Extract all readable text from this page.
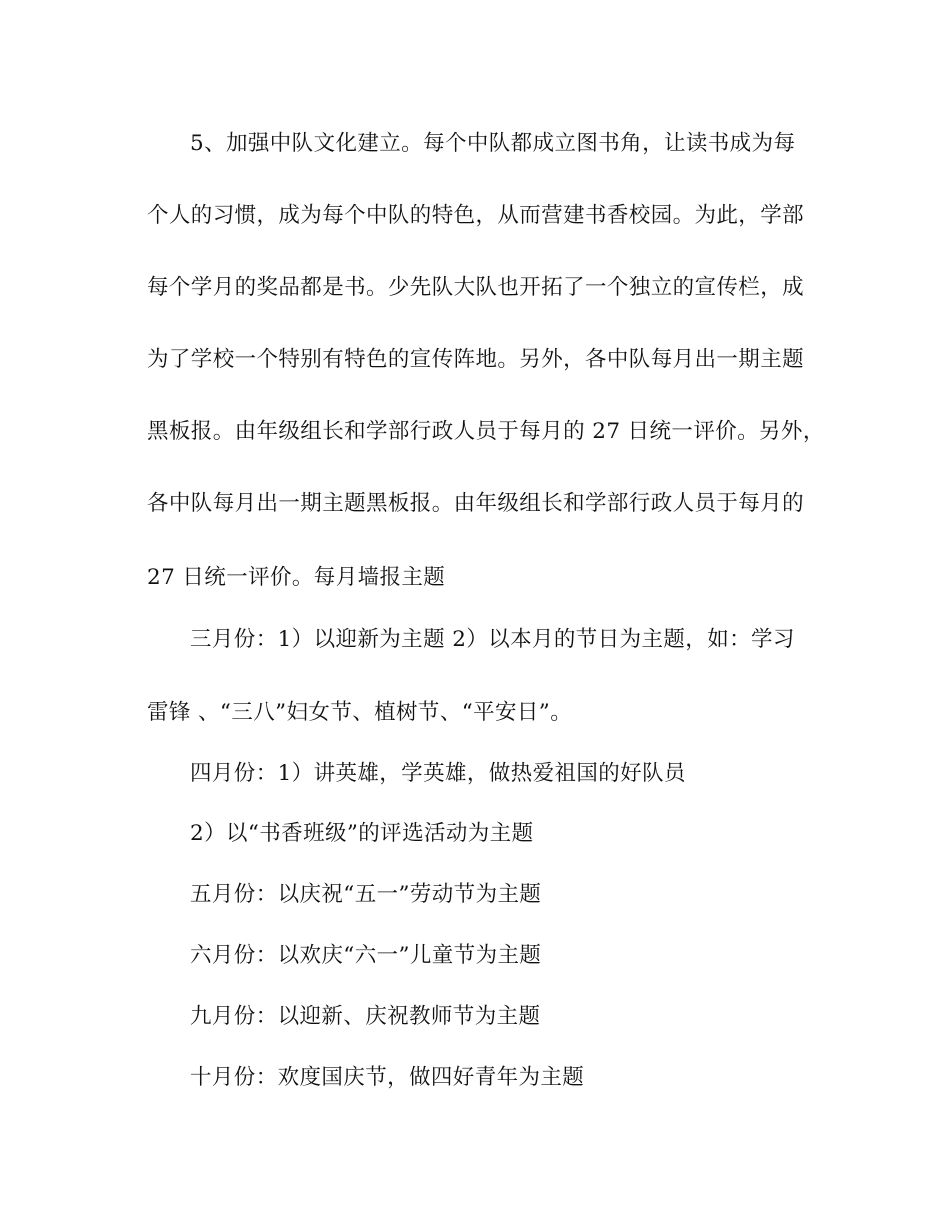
5、加强中队文化建立。每个中队都成立图书角，让读书成为每
个人的习惯，成为每个中队的特色，从而营建书香校园。为此，学部
每个学月的奖品都是书。少先队大队也开拓了一个独立的宣传栏，成
为了学校一个特别有特色的宣传阵地。另外，各中队每月出一期主题
黑板报。由年级组长和学部行政人员于每月的 27 日统一评价。另外，
各中队每月出一期主题黑板报。由年级组长和学部行政人员于每月的
27 日统一评价。每月墙报主题
三月份：1）以迎新为主题 2）以本月的节日为主题，如：学习
雷锋 、“三八”妇女节、植树节、“平安日”。
四月份：1）讲英雄，学英雄，做热爱祖国的好队员
2）以“书香班级”的评选活动为主题
五月份：以庆祝“五一”劳动节为主题
六月份：以欢庆“六一”儿童节为主题
九月份：以迎新、庆祝教师节为主题
十月份：欢度国庆节，做四好青年为主题
